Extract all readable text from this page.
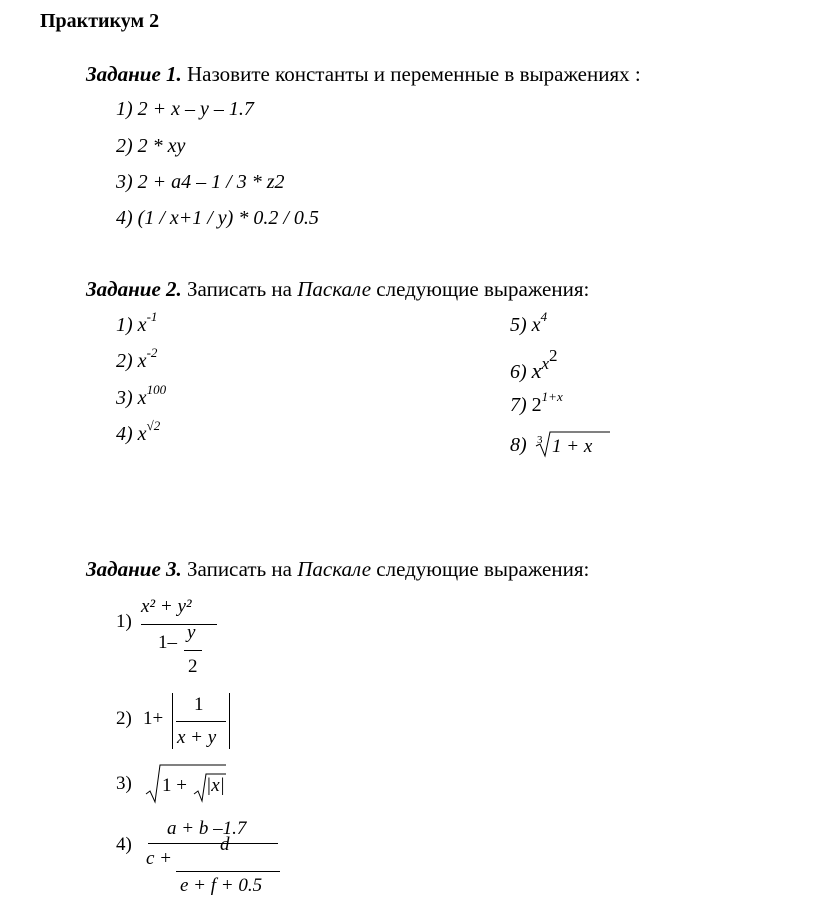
Практикум 2
Задание 1. Назовите константы и переменные в выражениях :
1) 2 + x – y – 1.7
2) 2 * xy
3) 2 + a4 – 1 / 3 * z2
4) (1 / x+1 / y) * 0.2 / 0.5
Задание 2. Записать на Паскале следующие выражения:
1) $x^{-1}$
2) $x^{-2}$
3) $x^{100}$
4) $x^{√2}$
5) $x^4$
6) $x^{x2}$
7) $2^{1+x}$
8) 3 1 + x
Задание 3. Записать на Паскале следующие выражения:
1)
x² + y²
1– y
2
2) 1+
1
x + y
3) 1 + |x|
4)
a + b –1.7
d
c +
e + f + 0.5
